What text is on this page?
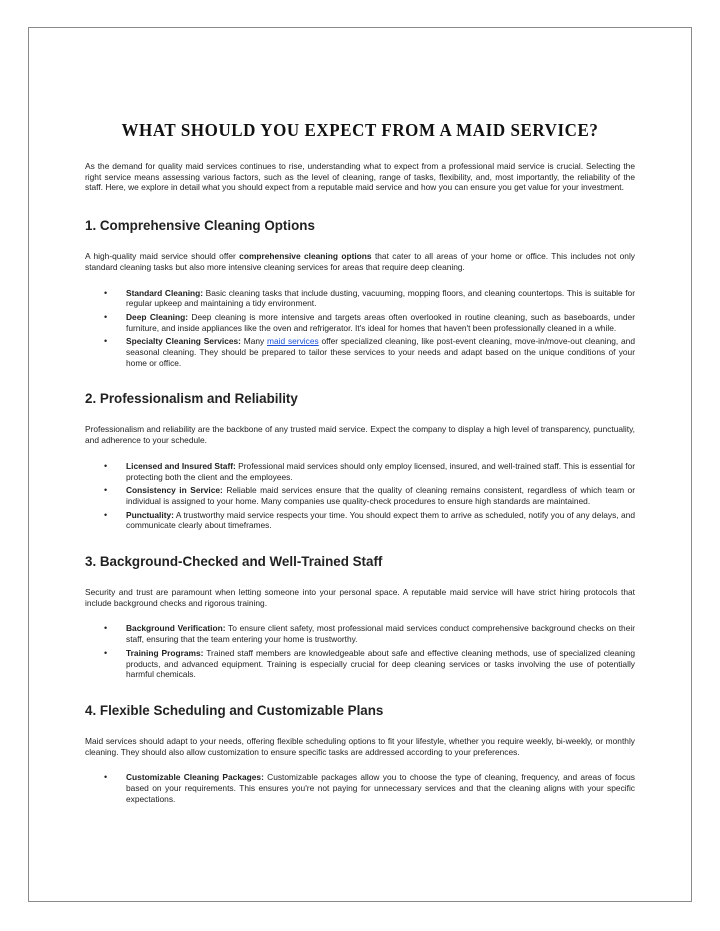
WHAT SHOULD YOU EXPECT FROM A MAID SERVICE?

As the demand for quality maid services continues to rise, understanding what to expect from a professional maid service is crucial. Selecting the right service means assessing various factors, such as the level of cleaning, range of tasks, flexibility, and, most importantly, the reliability of the staff. Here, we explore in detail what you should expect from a reputable maid service and how you can ensure you get value for your investment.

1. Comprehensive Cleaning Options

A high-quality maid service should offer comprehensive cleaning options that cater to all areas of your home or office. This includes not only standard cleaning tasks but also more intensive cleaning services for areas that require deep cleaning.

• Standard Cleaning: Basic cleaning tasks that include dusting, vacuuming, mopping floors, and cleaning countertops. This is suitable for regular upkeep and maintaining a tidy environment.
• Deep Cleaning: Deep cleaning is more intensive and targets areas often overlooked in routine cleaning, such as baseboards, under furniture, and inside appliances like the oven and refrigerator. It's ideal for homes that haven't been professionally cleaned in a while.
• Specialty Cleaning Services: Many maid services offer specialized cleaning, like post-event cleaning, move-in/move-out cleaning, and seasonal cleaning. They should be prepared to tailor these services to your needs and adapt based on the unique conditions of your home or office.
2. Professionalism and Reliability

Professionalism and reliability are the backbone of any trusted maid service. Expect the company to display a high level of transparency, punctuality, and adherence to your schedule.

• Licensed and Insured Staff: Professional maid services should only employ licensed, insured, and well-trained staff. This is essential for protecting both the client and the employees.
• Consistency in Service: Reliable maid services ensure that the quality of cleaning remains consistent, regardless of which team or individual is assigned to your home. Many companies use quality-check procedures to ensure high standards are maintained.
• Punctuality: A trustworthy maid service respects your time. You should expect them to arrive as scheduled, notify you of any delays, and communicate clearly about timeframes.
3. Background-Checked and Well-Trained Staff

Security and trust are paramount when letting someone into your personal space. A reputable maid service will have strict hiring protocols that include background checks and rigorous training.

• Background Verification: To ensure client safety, most professional maid services conduct comprehensive background checks on their staff, ensuring that the team entering your home is trustworthy.
• Training Programs: Trained staff members are knowledgeable about safe and effective cleaning methods, use of specialized cleaning products, and advanced equipment. Training is especially crucial for deep cleaning services or tasks involving the use of potentially harmful chemicals.
4. Flexible Scheduling and Customizable Plans

Maid services should adapt to your needs, offering flexible scheduling options to fit your lifestyle, whether you require weekly, bi-weekly, or monthly cleaning. They should also allow customization to ensure specific tasks are addressed according to your preferences.

• Customizable Cleaning Packages: Customizable packages allow you to choose the type of cleaning, frequency, and areas of focus based on your requirements. This ensures you're not paying for unnecessary services and that the cleaning aligns with your specific expectations.
